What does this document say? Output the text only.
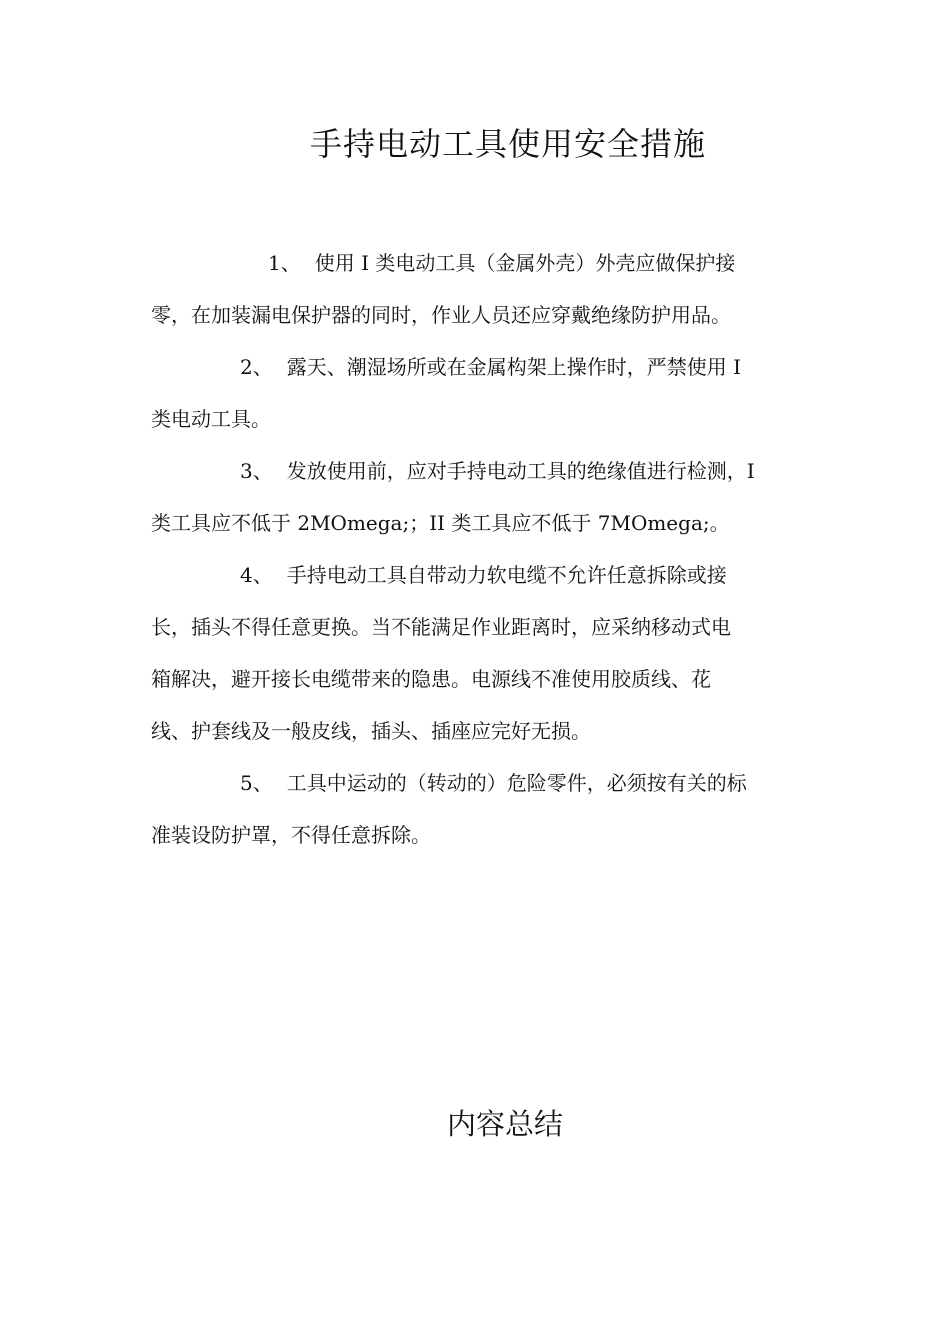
手持电动工具使用安全措施
1、 使用 I 类电动工具（金属外壳）外壳应做保护接
零，在加装漏电保护器的同时，作业人员还应穿戴绝缘防护用品。
2、 露天、潮湿场所或在金属构架上操作时，严禁使用 I
类电动工具。
3、 发放使用前，应对手持电动工具的绝缘值进行检测，I
类工具应不低于 2MOmega;；II 类工具应不低于 7MOmega;。
4、 手持电动工具自带动力软电缆不允许任意拆除或接
长，插头不得任意更换。当不能满足作业距离时，应采纳移动式电
箱解决，避开接长电缆带来的隐患。电源线不准使用胶质线、花
线、护套线及一般皮线，插头、插座应完好无损。
5、 工具中运动的（转动的）危险零件，必须按有关的标
准装设防护罩，不得任意拆除。
内容总结
